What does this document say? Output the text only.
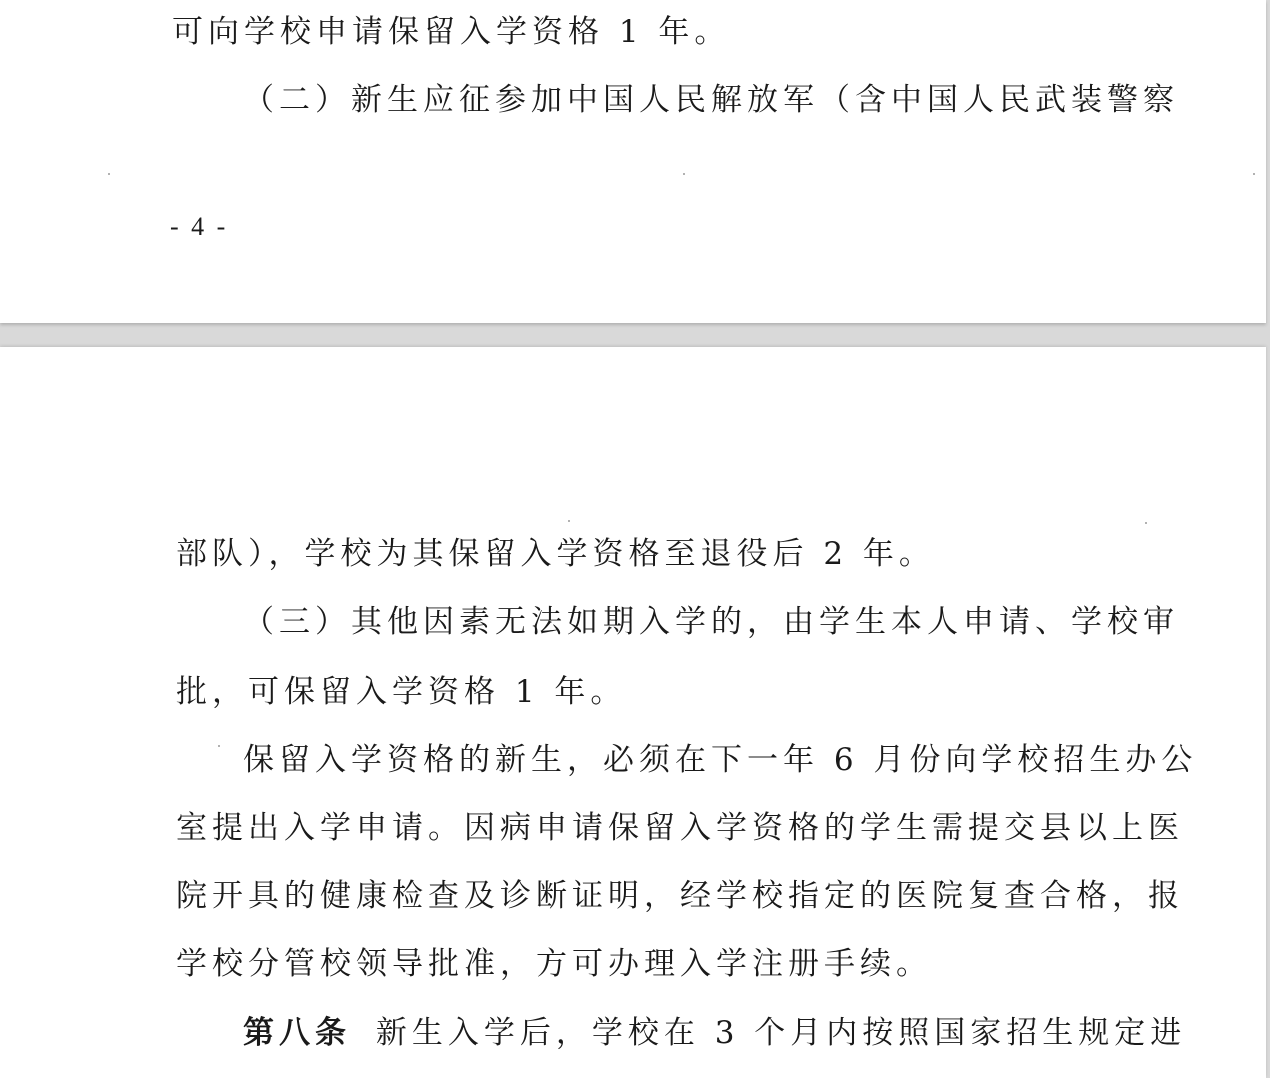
可向学校申请保留入学资格 1 年。
（二）新生应征参加中国人民解放军（含中国人民武装警察
- 4 -
部队），学校为其保留入学资格至退役后 2 年。
（三）其他因素无法如期入学的，由学生本人申请、学校审
批，可保留入学资格 1 年。
保留入学资格的新生，必须在下一年 6 月份向学校招生办公
室提出入学申请。因病申请保留入学资格的学生需提交县以上医
院开具的健康检查及诊断证明，经学校指定的医院复查合格，报
学校分管校领导批准，方可办理入学注册手续。
第八条 新生入学后，学校在 3 个月内按照国家招生规定进
